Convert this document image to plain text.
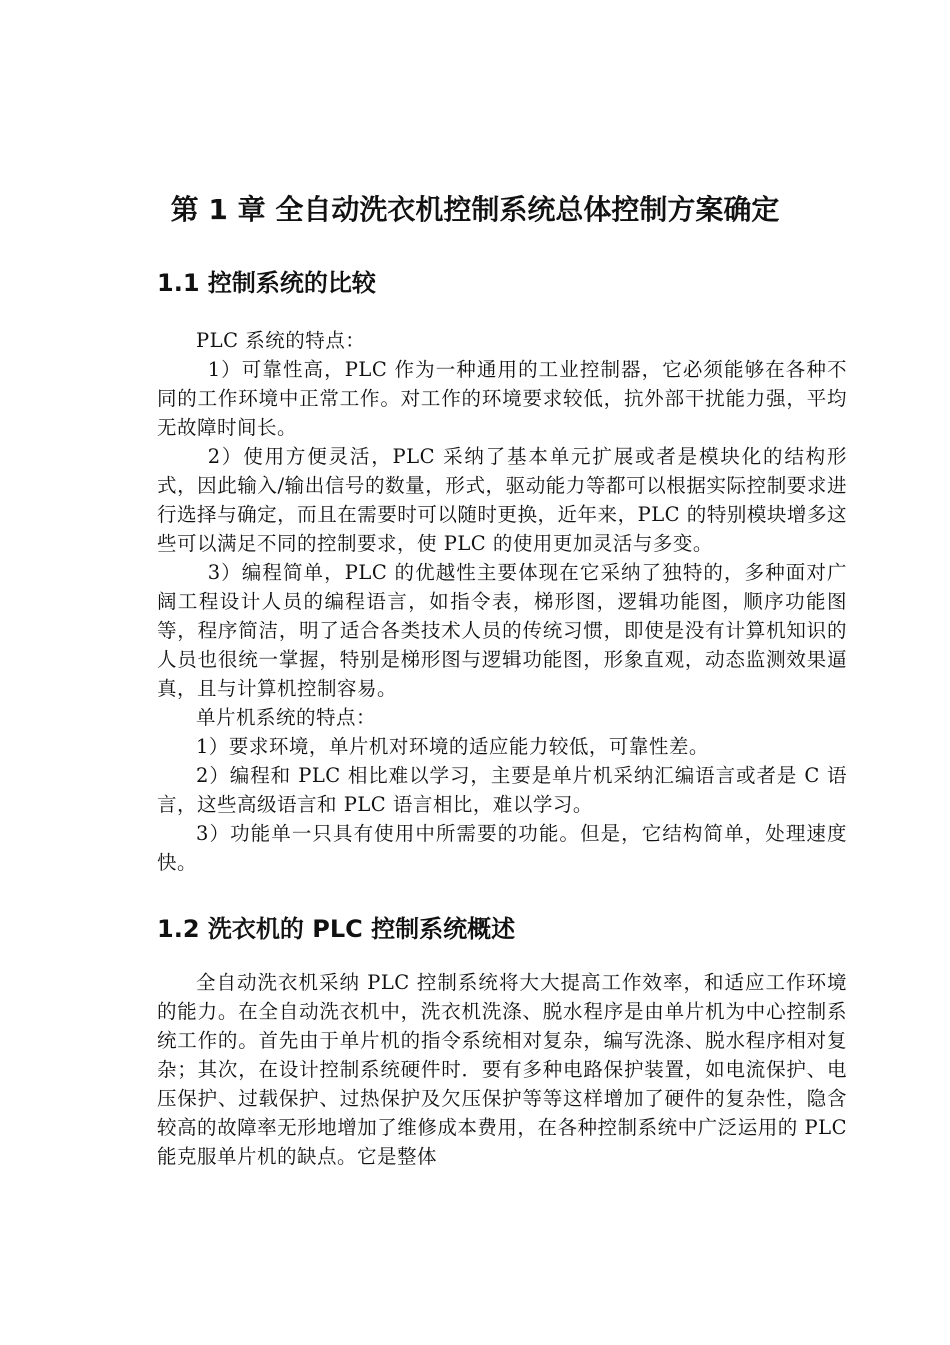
第 1 章 全自动洗衣机控制系统总体控制方案确定
1.1 控制系统的比较

PLC 系统的特点：

1）可靠性高，PLC 作为一种通用的工业控制器，它必须能够在各种不同的工作环境中正常工作。对工作的环境要求较低，抗外部干扰能力强，平均无故障时间长。

2）使用方便灵活，PLC 采纳了基本单元扩展或者是模块化的结构形式，因此输入/输出信号的数量，形式，驱动能力等都可以根据实际控制要求进行选择与确定，而且在需要时可以随时更换，近年来，PLC 的特别模块增多这些可以满足不同的控制要求，使 PLC 的使用更加灵活与多变。

3）编程简单，PLC 的优越性主要体现在它采纳了独特的，多种面对广阔工程设计人员的编程语言，如指令表，梯形图，逻辑功能图，顺序功能图等，程序简洁，明了适合各类技术人员的传统习惯，即使是没有计算机知识的人员也很统一掌握，特别是梯形图与逻辑功能图，形象直观，动态监测效果逼真，且与计算机控制容易。

单片机系统的特点：

1）要求环境，单片机对环境的适应能力较低，可靠性差。

2）编程和 PLC 相比难以学习，主要是单片机采纳汇编语言或者是 C 语言，这些高级语言和 PLC 语言相比，难以学习。

3）功能单一只具有使用中所需要的功能。但是，它结构简单，处理速度快。

1.2 洗衣机的 PLC 控制系统概述

全自动洗衣机采纳 PLC 控制系统将大大提高工作效率，和适应工作环境的能力。在全自动洗衣机中，洗衣机洗涤、脱水程序是由单片机为中心控制系统工作的。首先由于单片机的指令系统相对复杂，编写洗涤、脱水程序相对复杂；其次，在设计控制系统硬件时．要有多种电路保护装置，如电流保护、电压保护、过载保护、过热保护及欠压保护等等这样增加了硬件的复杂性，隐含较高的故障率无形地增加了维修成本费用，在各种控制系统中广泛运用的 PLC 能克服单片机的缺点。它是整体
